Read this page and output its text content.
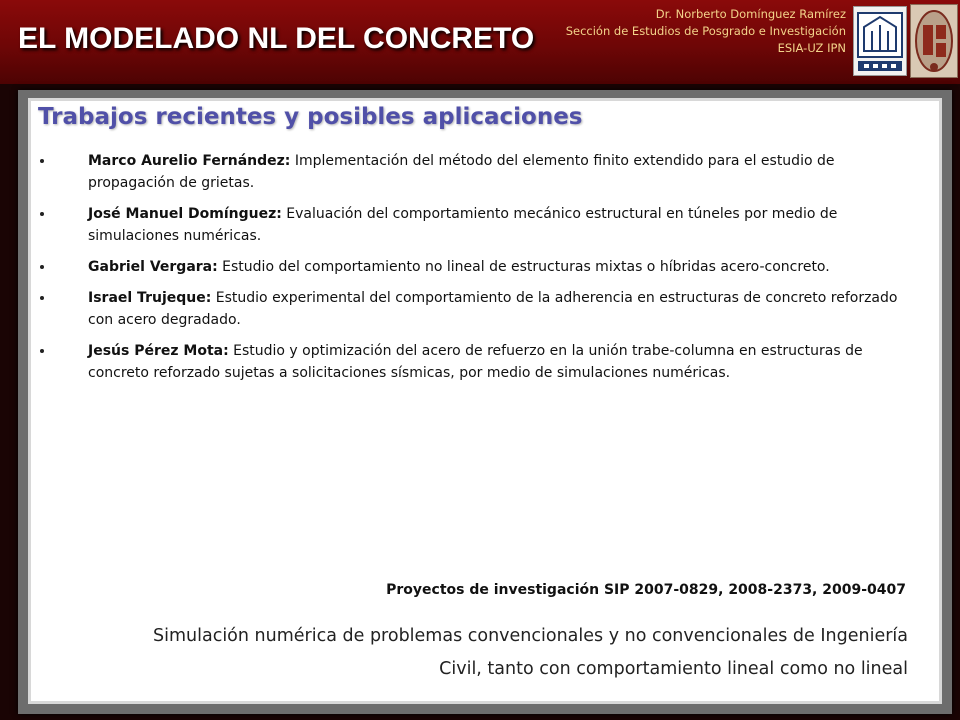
EL MODELADO NL DEL CONCRETO
Dr. Norberto Domínguez Ramírez
Sección de Estudios de Posgrado e Investigación
ESIA-UZ IPN
Trabajos recientes y posibles aplicaciones
Marco Aurelio Fernández: Implementación del método del elemento finito extendido para el estudio de propagación de grietas.
José Manuel Domínguez: Evaluación del comportamiento mecánico estructural en túneles por medio de simulaciones numéricas.
Gabriel Vergara: Estudio del comportamiento no lineal de estructuras mixtas o híbridas acero-concreto.
Israel Trujeque: Estudio experimental del comportamiento de la adherencia en estructuras de concreto reforzado con acero degradado.
Jesús Pérez Mota: Estudio y optimización del acero de refuerzo en la unión trabe-columna en estructuras de concreto reforzado sujetas a solicitaciones sísmicas, por medio de simulaciones numéricas.
Proyectos de investigación SIP 2007-0829, 2008-2373, 2009-0407
Simulación numérica de problemas convencionales y no convencionales de Ingeniería Civil, tanto con comportamiento lineal como no lineal
